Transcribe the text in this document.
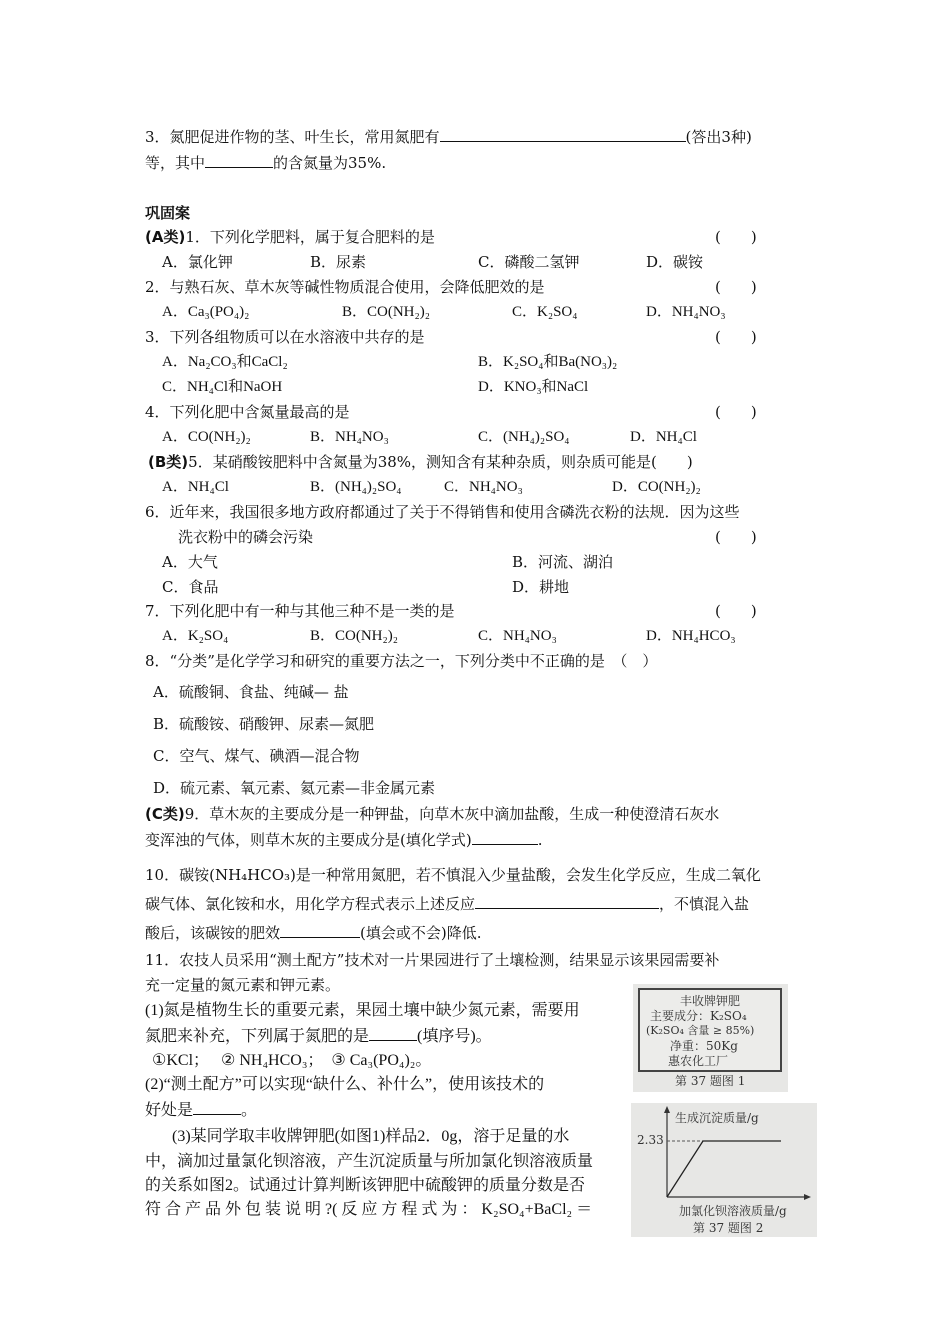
3．氮肥促进作物的茎、叶生长，常用氮肥有	(答出3种)
等，其中	的含氮量为35%.
巩固案
(A类)1．下列化学肥料，属于复合肥料的是	(　　)
A．氯化钾	B．尿素	C．磷酸二氢钾	D．碳铵
2．与熟石灰、草木灰等碱性物质混合使用，会降低肥效的是	(　　)
A．Ca₃(PO₄)₂	B．CO(NH₂)₂	C．K₂SO₄	D．NH₄NO₃
3．下列各组物质可以在水溶液中共存的是	(　　)
A．Na₂CO₃和CaCl₂	B．K₂SO₄和Ba(NO₃)₂
C．NH₄Cl和NaOH	D．KNO₃和NaCl
4．下列化肥中含氮量最高的是	(　　)
A．CO(NH₂)₂	B．NH₄NO₃	C．(NH₄)₂SO₄	D．NH₄Cl
(B类)5．某硝酸铵肥料中含氮量为38%，测知含有某种杂质，则杂质可能是(　　)
A．NH₄Cl	B．(NH₄)₂SO₄	C．NH₄NO₃	D．CO(NH₂)₂
6．近年来，我国很多地方政府都通过了关于不得销售和使用含磷洗衣粉的法规．因为这些
洗衣粉中的磷会污染	(　　)
A．大气	B．河流、湖泊
C．食品	D．耕地
7．下列化肥中有一种与其他三种不是一类的是	(　　)
A．K₂SO₄	B．CO(NH₂)₂	C．NH₄NO₃	D．NH₄HCO₃
8．“分类”是化学学习和研究的重要方法之一，下列分类中不正确的是　（　）
A．硫酸铜、食盐、纯碱— 盐
B．硫酸铵、硝酸钾、尿素—氮肥
C．空气、煤气、碘酒—混合物
D．硫元素、氧元素、氦元素—非金属元素
(C类)9．草木灰的主要成分是一种钾盐，向草木灰中滴加盐酸，生成一种使澄清石灰水
变浑浊的气体，则草木灰的主要成分是(填化学式)	.
10．碳铵(NH₄HCO₃)是一种常用氮肥，若不慎混入少量盐酸，会发生化学反应，生成二氧化
碳气体、氯化铵和水，用化学方程式表示上述反应	，不慎混入盐
酸后，该碳铵的肥效	(填会或不会)降低.
11．农技人员采用“测土配方”技术对一片果园进行了土壤检测，结果显示该果园需要补
充一定量的氮元素和钾元素。
(1)氮是植物生长的重要元素，果园土壤中缺少氮元素，需要用
氮肥来补充，下列属于氮肥的是	(填序号)。
①KCl；　 ② NH₄HCO₃；　③ Ca₃(PO₄)₂。
(2)“测土配方”可以实现“缺什么、补什么”，使用该技术的
好处是	。
(3)某同学取丰收牌钾肥(如图1)样品2．0g，溶于足量的水
中，滴加过量氯化钡溶液，产生沉淀质量与所加氯化钡溶液质量
的关系如图2。试通过计算判断该钾肥中硫酸钾的质量分数是否
符 合 产 品 外 包 装 说 明 ?( 反 应 方 程 式 为 ： K₂SO₄+BaCl₂ ＝
丰收牌钾肥
主要成分：K₂SO₄
(K₂SO₄ 含量 ≥ 85%)
净重：50Kg
惠农化工厂
第 37 题图 1
生成沉淀质量/g
2.33
加氯化钡溶液质量/g
第 37 题图 2
